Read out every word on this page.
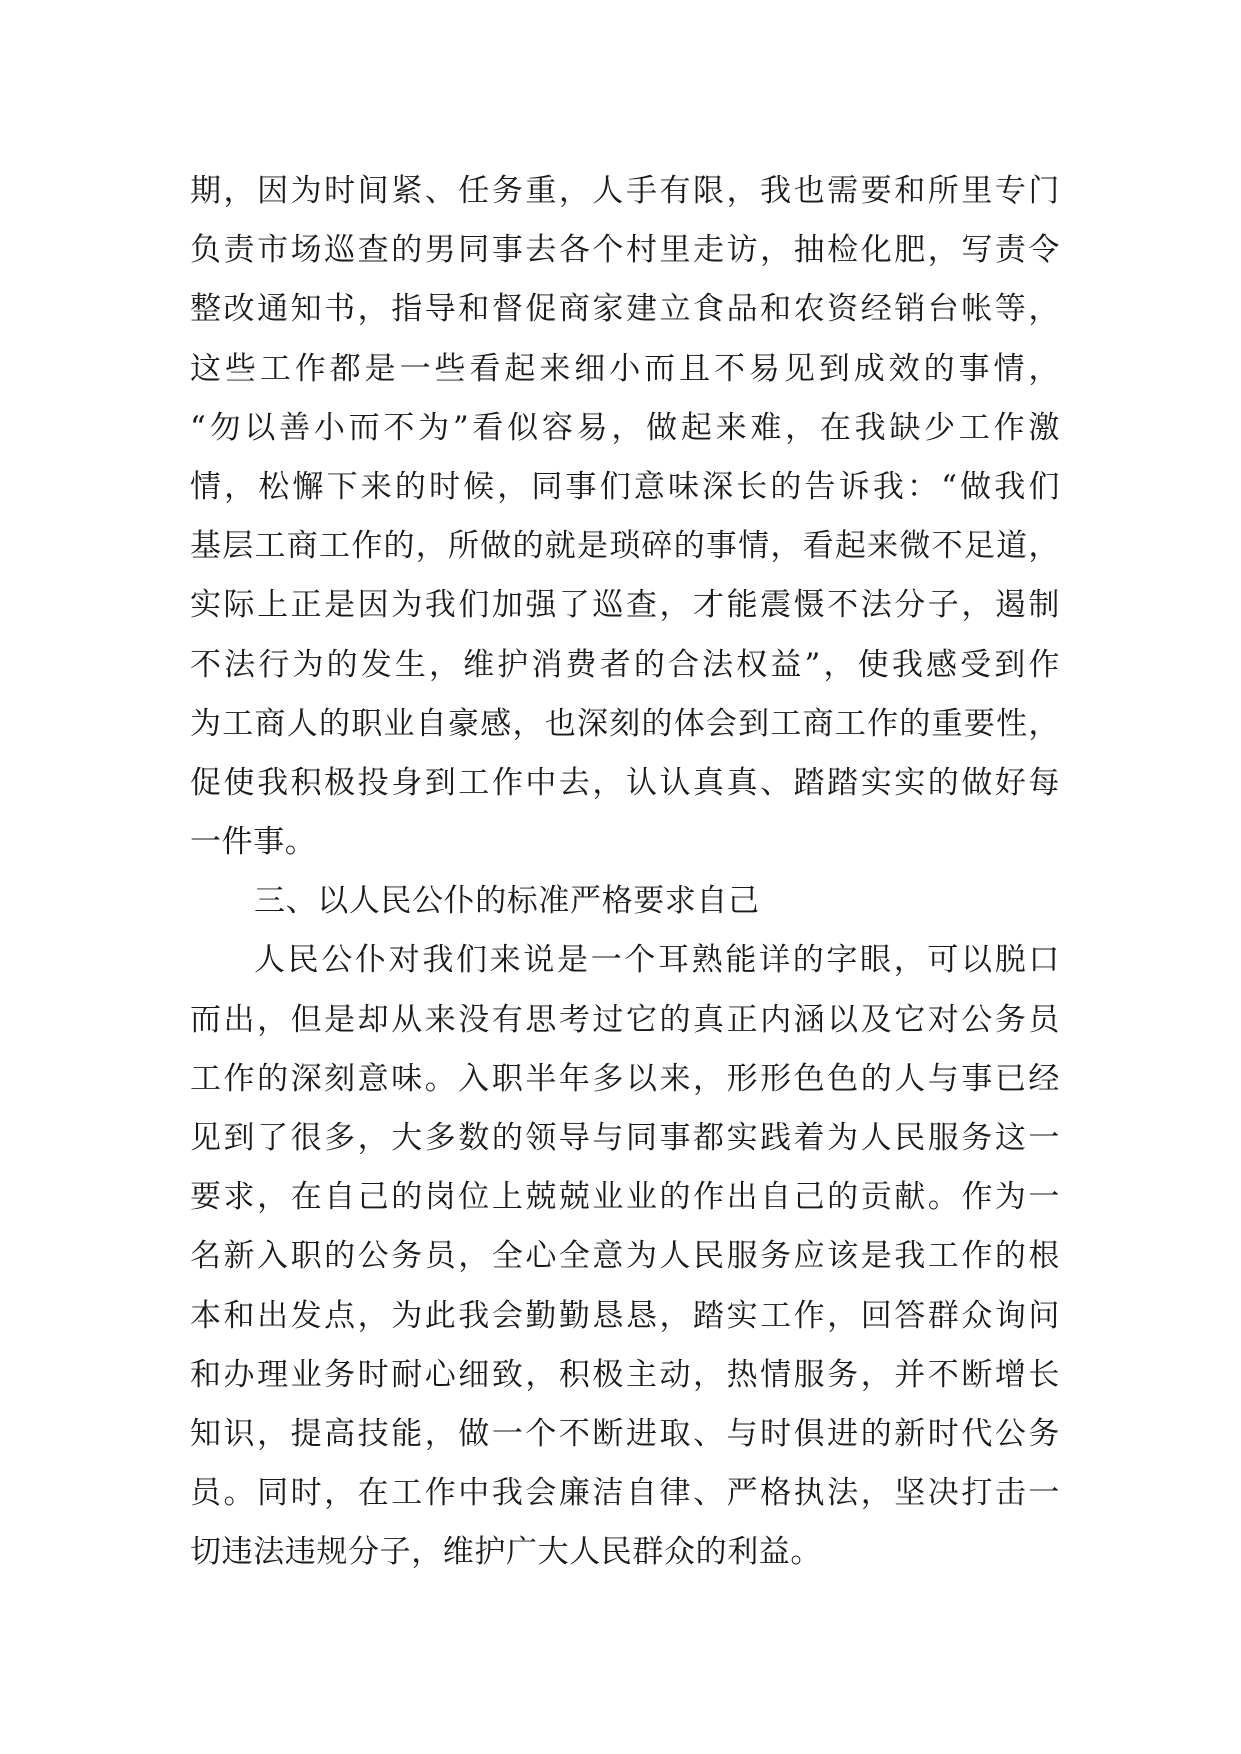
期，因为时间紧、任务重，人手有限，我也需要和所里专门
负责市场巡查的男同事去各个村里走访，抽检化肥，写责令
整改通知书，指导和督促商家建立食品和农资经销台帐等，
这些工作都是一些看起来细小而且不易见到成效的事情，
“勿以善小而不为”看似容易，做起来难，在我缺少工作激
情，松懈下来的时候，同事们意味深长的告诉我：“做我们
基层工商工作的，所做的就是琐碎的事情，看起来微不足道，
实际上正是因为我们加强了巡查，才能震慑不法分子，遏制
不法行为的发生，维护消费者的合法权益”，使我感受到作
为工商人的职业自豪感，也深刻的体会到工商工作的重要性，
促使我积极投身到工作中去，认认真真、踏踏实实的做好每
一件事。
三、以人民公仆的标准严格要求自己
人民公仆对我们来说是一个耳熟能详的字眼，可以脱口
而出，但是却从来没有思考过它的真正内涵以及它对公务员
工作的深刻意味。入职半年多以来，形形色色的人与事已经
见到了很多，大多数的领导与同事都实践着为人民服务这一
要求，在自己的岗位上兢兢业业的作出自己的贡献。作为一
名新入职的公务员，全心全意为人民服务应该是我工作的根
本和出发点，为此我会勤勤恳恳，踏实工作，回答群众询问
和办理业务时耐心细致，积极主动，热情服务，并不断增长
知识，提高技能，做一个不断进取、与时俱进的新时代公务
员。同时，在工作中我会廉洁自律、严格执法，坚决打击一
切违法违规分子，维护广大人民群众的利益。
